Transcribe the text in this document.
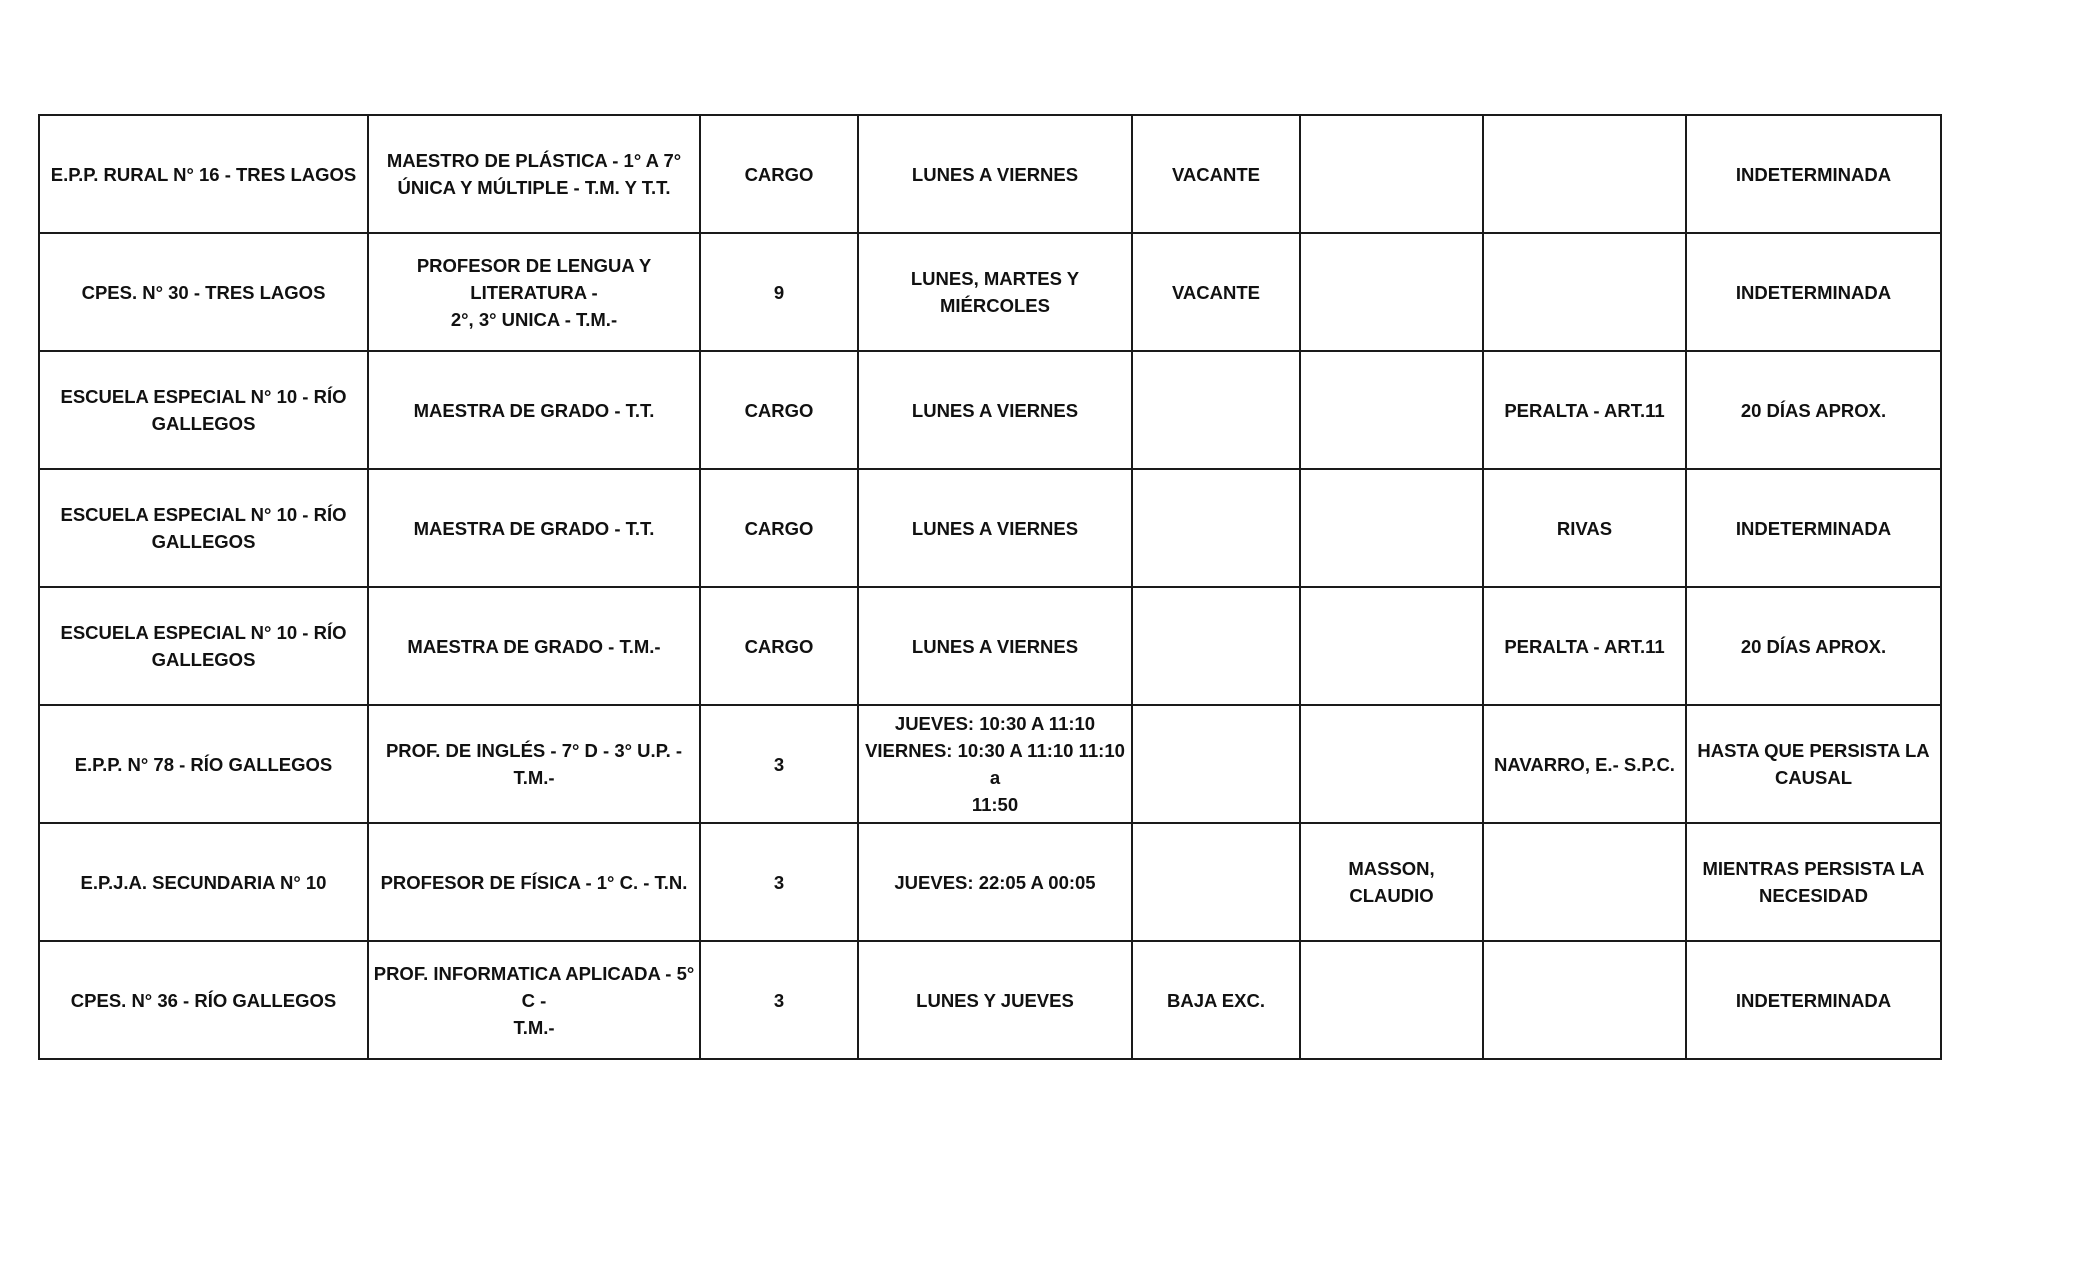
E.P.P. RURAL N° 16 - TRES LAGOS	MAESTRO DE PLÁSTICA - 1° A 7°
ÚNICA Y MÚLTIPLE - T.M. Y T.T.	CARGO	LUNES A VIERNES	VACANTE			INDETERMINADA
CPES. N° 30 - TRES LAGOS	PROFESOR DE LENGUA Y LITERATURA -
2°, 3° UNICA - T.M.-	9	LUNES, MARTES Y MIÉRCOLES	VACANTE			INDETERMINADA
ESCUELA ESPECIAL N° 10 - RÍO
GALLEGOS	MAESTRA DE GRADO - T.T.	CARGO	LUNES A VIERNES			PERALTA - ART.11	20 DÍAS APROX.
ESCUELA ESPECIAL N° 10 - RÍO
GALLEGOS	MAESTRA DE GRADO - T.T.	CARGO	LUNES A VIERNES			RIVAS	INDETERMINADA
ESCUELA ESPECIAL N° 10 - RÍO
GALLEGOS	MAESTRA DE GRADO - T.M.-	CARGO	LUNES A VIERNES			PERALTA - ART.11	20 DÍAS APROX.
E.P.P. N° 78 - RÍO GALLEGOS	PROF. DE INGLÉS - 7° D - 3° U.P. - T.M.-	3	JUEVES: 10:30 A 11:10
VIERNES: 10:30 A 11:10 11:10 a
11:50			NAVARRO, E.- S.P.C.	HASTA QUE PERSISTA LA
CAUSAL
E.P.J.A. SECUNDARIA N° 10	PROFESOR DE FÍSICA - 1° C. - T.N.	3	JUEVES: 22:05 A 00:05		MASSON, CLAUDIO		MIENTRAS PERSISTA LA
NECESIDAD
CPES. N° 36 - RÍO GALLEGOS	PROF. INFORMATICA APLICADA - 5° C -
T.M.-	3	LUNES Y JUEVES	BAJA EXC.			INDETERMINADA
